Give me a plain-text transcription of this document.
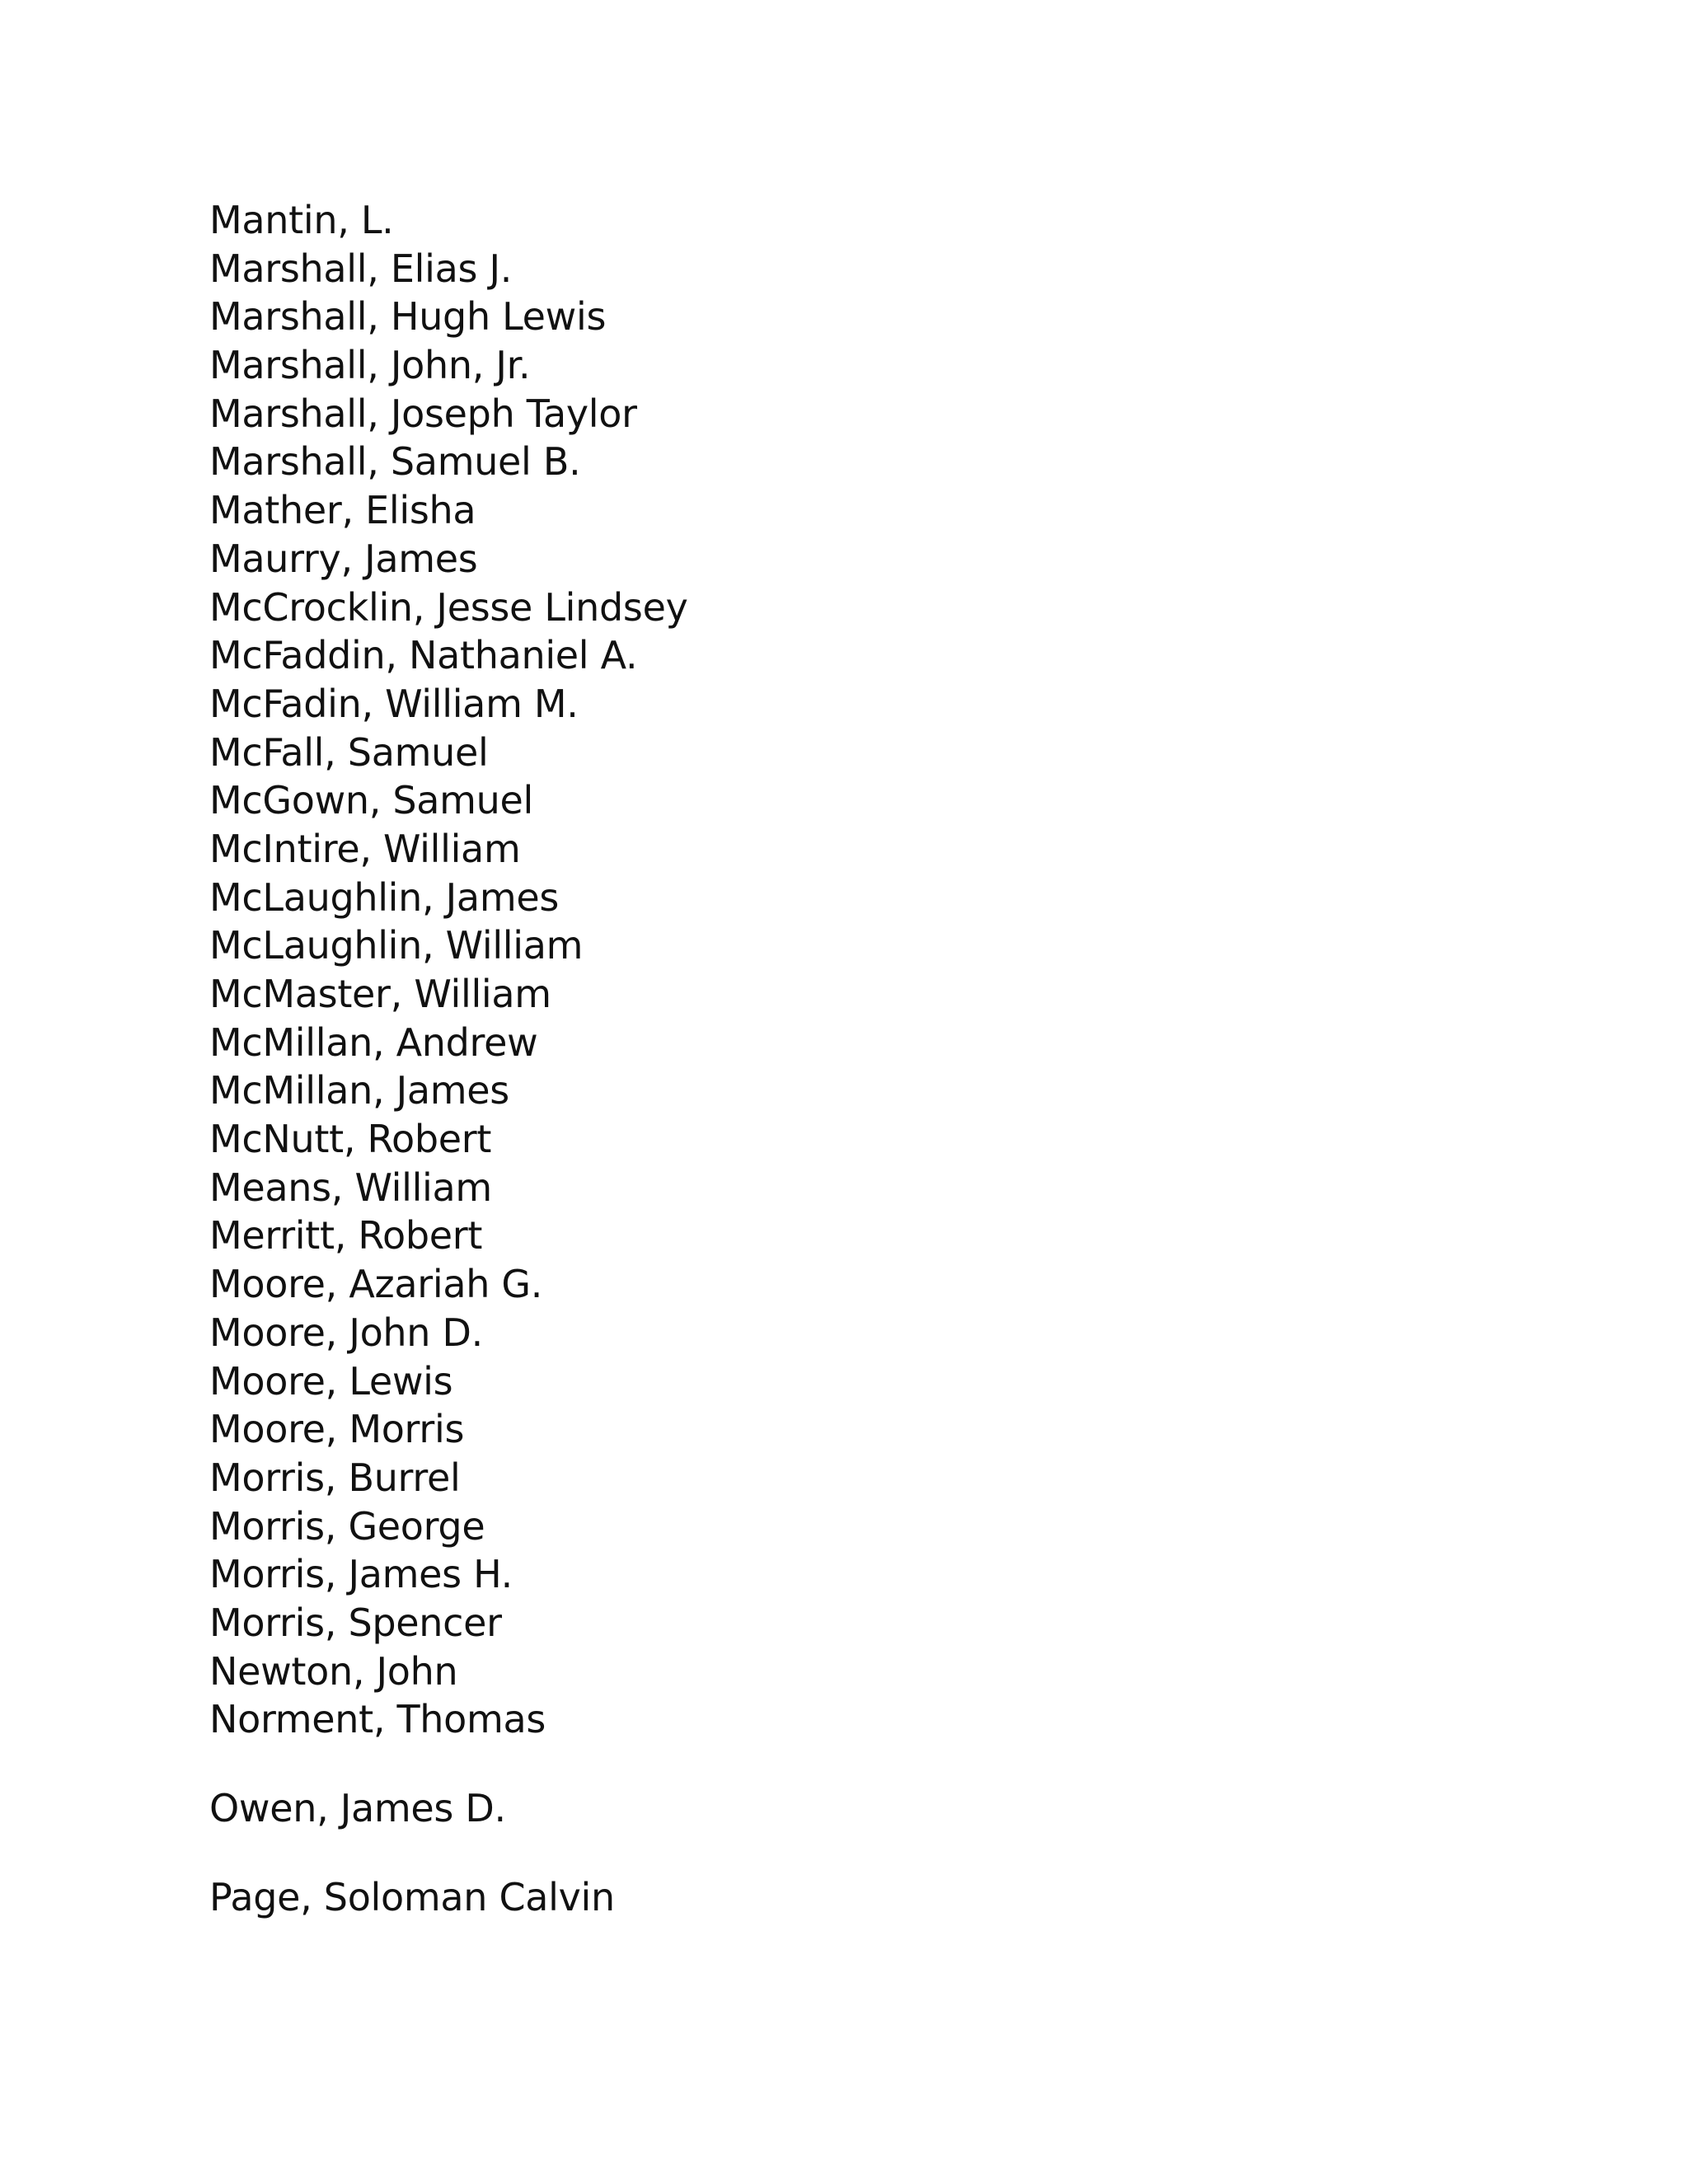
Mantin, L.
Marshall, Elias J.
Marshall, Hugh Lewis
Marshall, John, Jr.
Marshall, Joseph Taylor
Marshall, Samuel B.
Mather, Elisha
Maurry, James
McCrocklin, Jesse Lindsey
McFaddin, Nathaniel A.
McFadin, William M.
McFall, Samuel
McGown, Samuel
McIntire, William
McLaughlin, James
McLaughlin, William
McMaster, William
McMillan, Andrew
McMillan, James
McNutt, Robert
Means, William
Merritt, Robert
Moore, Azariah G.
Moore, John D.
Moore, Lewis
Moore, Morris
Morris, Burrel
Morris, George
Morris, James H.
Morris, Spencer
Newton, John
Norment, Thomas
Owen, James D.
Page, Soloman Calvin
